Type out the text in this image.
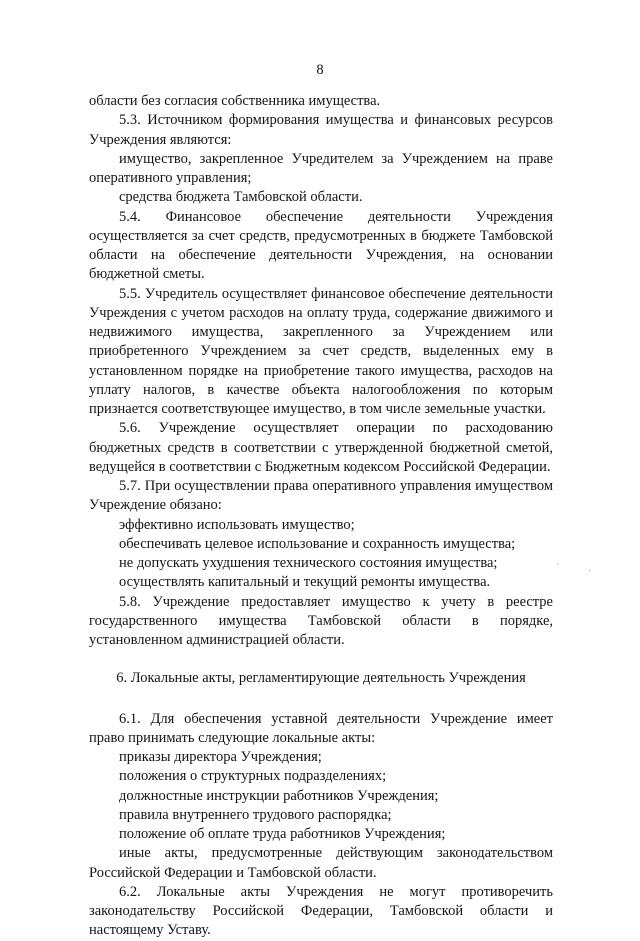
·
·
8

области без согласия собственника имущества.

5.3. Источником формирования имущества и финансовых ресурсов Учреждения являются:

имущество, закрепленное Учредителем за Учреждением на праве оперативного управления;

средства бюджета Тамбовской области.

5.4. Финансовое обеспечение деятельности Учреждения осуществляется за счет средств, предусмотренных в бюджете Тамбовской области на обеспечение деятельности Учреждения, на основании бюджетной сметы.

5.5. Учредитель осуществляет финансовое обеспечение деятельности Учреждения с учетом расходов на оплату труда, содержание движимого и недвижимого имущества, закрепленного за Учреждением или приобретенного Учреждением за счет средств, выделенных ему в установленном порядке на приобретение такого имущества, расходов на уплату налогов, в качестве объекта налогообложения по которым признается соответствующее имущество, в том числе земельные участки.

5.6. Учреждение осуществляет операции по расходованию бюджетных средств в соответствии с утвержденной бюджетной сметой, ведущейся в соответствии с Бюджетным кодексом Российской Федерации.

5.7. При осуществлении права оперативного управления имуществом Учреждение обязано:

эффективно использовать имущество;

обеспечивать целевое использование и сохранность имущества;

не допускать ухудшения технического состояния имущества;

осуществлять капитальный и текущий ремонты имущества.

5.8. Учреждение предоставляет имущество к учету в реестре государственного имущества Тамбовской области в порядке, установленном администрацией области.

6. Локальные акты, регламентирующие деятельность Учреждения

6.1. Для обеспечения уставной деятельности Учреждение имеет право принимать следующие локальные акты:

приказы директора Учреждения;

положения о структурных подразделениях;

должностные инструкции работников Учреждения;

правила внутреннего трудового распорядка;

положение об оплате труда работников Учреждения;

иные акты, предусмотренные действующим законодательством Российской Федерации и Тамбовской области.

6.2. Локальные акты Учреждения не могут противоречить законодательству Российской Федерации, Тамбовской области и настоящему Уставу.
